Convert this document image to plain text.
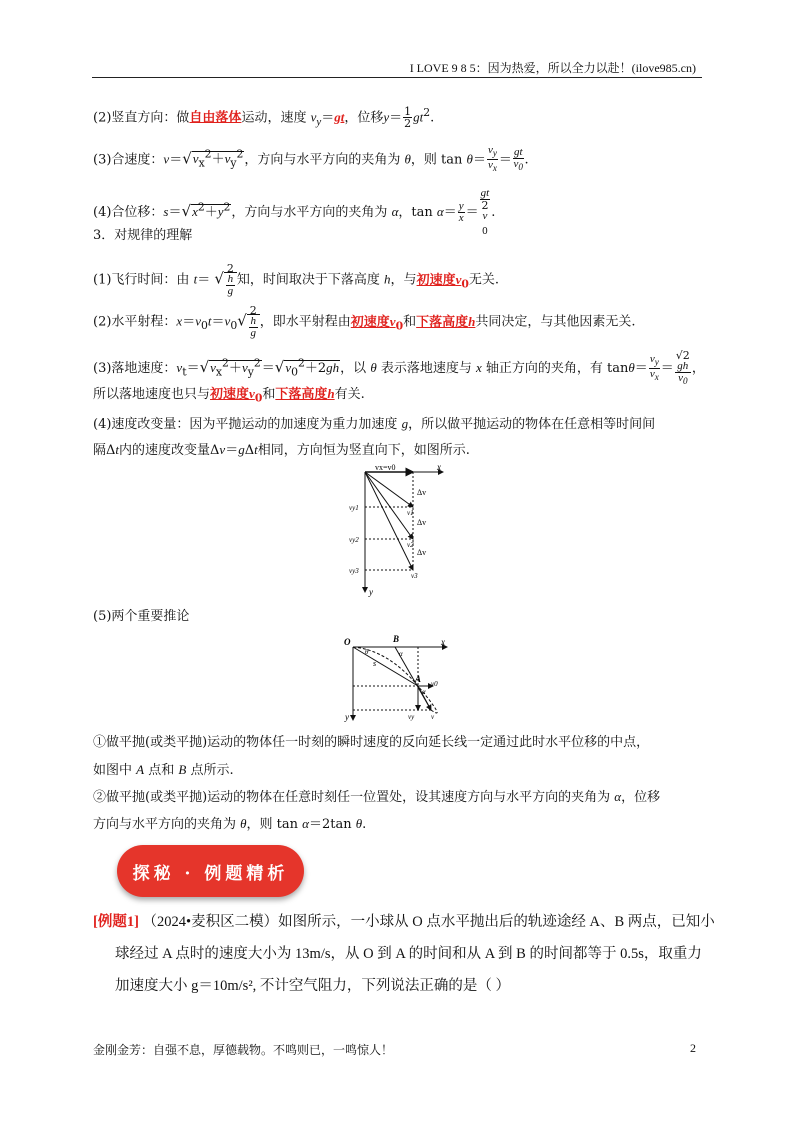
I LOVE 9 8 5：因为热爱，所以全力以赴！(ilove985.cn)
(2)竖直方向：做自由落体运动，速度 $v_y=gt$，位移$y= \frac{1}{2} gt^2$.
(3)合速度：$v=√v_x^2+v_y^2$，方向与水平方向的夹角为 θ，则 $\tan \theta= \frac{v_y}{v_x} = \frac{gt}{v_0}$ .
(4)合位移：$s=√x^2+y^2$，方向与水平方向的夹角为 α，$\tan \alpha= \frac{y}{x}$ ＝ gt
2
v
$_0$ .
3．对规律的理解
(1)飞行时间：由 t＝ √ 2
h
g 知，时间取决于下落高度 h，与初速度$v_0$无关.
(2)水平射程：$x=v_0t=v_0√$ 2
h
g ，即水平射程由初速度$v_0$和下落高度h共同决定，与其他因素无关.
(3)落地速度：$v_t=√v_x^2+v_y^2=√v_0^2+2gh$，以 θ 表示落地速度与 x 轴正方向的夹角，有 $\tan\theta= \frac{v_y}{v_x} = √2$
gh
$v_0$ ，
所以落地速度也只与初速度$v_0$和下落高度h有关.
(4)速度改变量：因为平抛运动的加速度为重力加速度 g，所以做平抛运动的物体在任意相等时间间
隔Δt内的速度改变量Δv＝gΔt相同，方向恒为竖直向下，如图所示.
vx=v0	x
y
Δv
Δv
Δv
v1
v2
v3
vy1
vy2
vy3
(5)两个重要推论
O	B
A
x
y
s
θ	α
α
v0
v
vy
①做平抛(或类平抛)运动的物体任一时刻的瞬时速度的反向延长线一定通过此时水平位移的中点，
如图中 A 点和 B 点所示.
②做平抛(或类平抛)运动的物体在任意时刻任一位置处，设其速度方向与水平方向的夹角为 α，位移
方向与水平方向的夹角为 θ，则 tan α＝2tan θ.
探秘 · 例题精析
[例题1] （2024•麦积区二模）如图所示，一小球从 O 点水平抛出后的轨迹途经 A、B 两点，已知小
球经过 A 点时的速度大小为 13m/s，从 O 到 A 的时间和从 A 到 B 的时间都等于 0.5s，取重力
加速度大小 g＝10m/s², 不计空气阻力，下列说法正确的是（ ）
金刚金芳：自强不息，厚德载物。不鸣则已，一鸣惊人！	2
